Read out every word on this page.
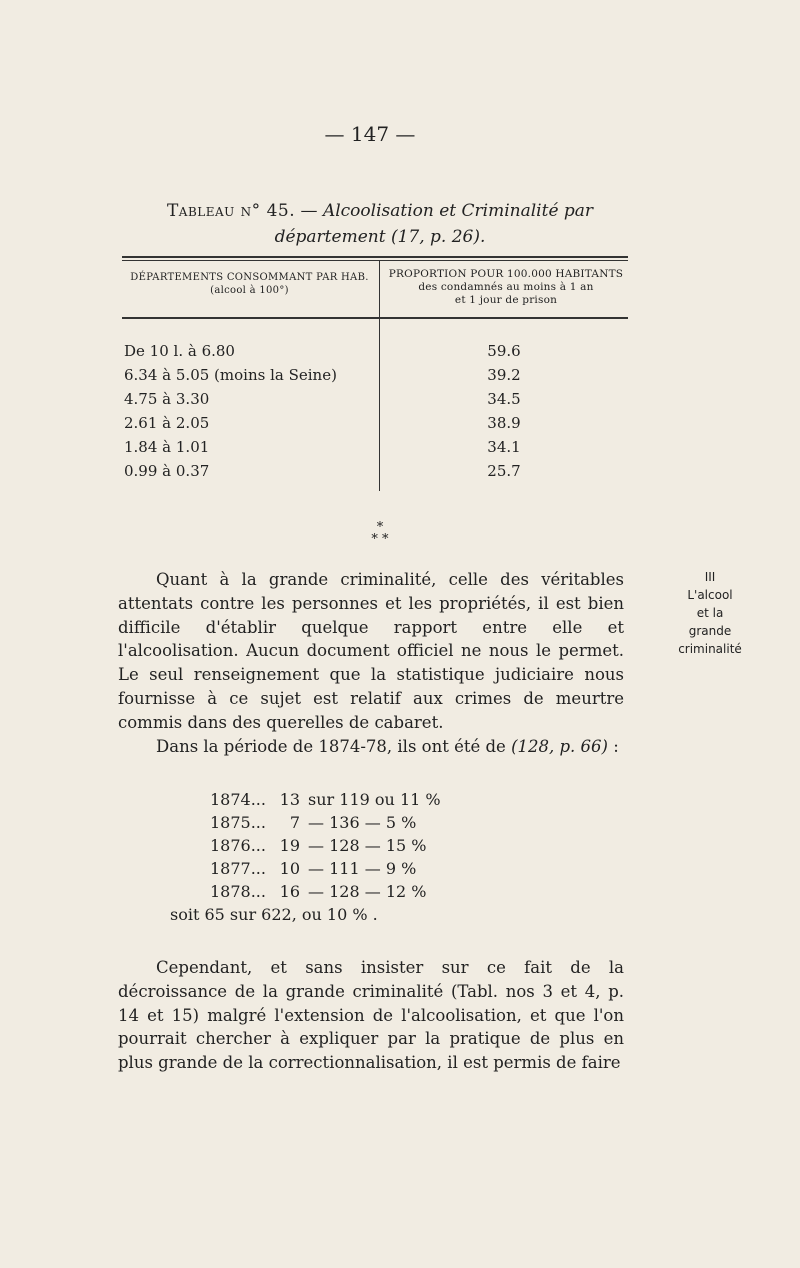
— 147 —
Tableau n° 45. — Alcoolisation et Criminalité par
département (17, p. 26).
DÉPARTEMENTS CONSOMMANT PAR HAB.
(alcool à 100°)
PROPORTION POUR 100.000 HABITANTS
des condamnés au moins à 1 an
et 1 jour de prison
De 10 l. à 6.80
6.34 à 5.05 (moins la Seine)
4.75 à 3.30
2.61 à 2.05
1.84 à 1.01
0.99 à 0.37
59.6
39.2
34.5
38.9
34.1
25.7
*
* *
Quant à la grande criminalité, celle des véritables attentats contre les personnes et les propriétés, il est bien difficile d'établir quelque rapport entre elle et l'alcoolisation. Aucun document officiel ne nous le permet. Le seul renseignement que la statistique judiciaire nous fournisse à ce sujet est relatif aux crimes de meurtre commis dans des querelles de cabaret.
Dans la période de 1874-78, ils ont été de (128, p. 66) :
III
L'alcool
et la
grande
criminalité
1874... 13 sur
119
ou
11 %
1875...	7 —
136
—
5 %
1876... 19 —
128
—
15 %
1877... 10 —
111
—
9 %
1878... 16 —
128
—
12 %
soit 65 sur 622, ou 10 % .
Cependant, et sans insister sur ce fait de la décroissance de la grande criminalité (Tabl. nos 3 et 4, p. 14 et 15) malgré l'extension de l'alcoolisation, et que l'on pourrait chercher à expliquer par la pratique de plus en plus grande de la correctionnalisation, il est permis de faire
